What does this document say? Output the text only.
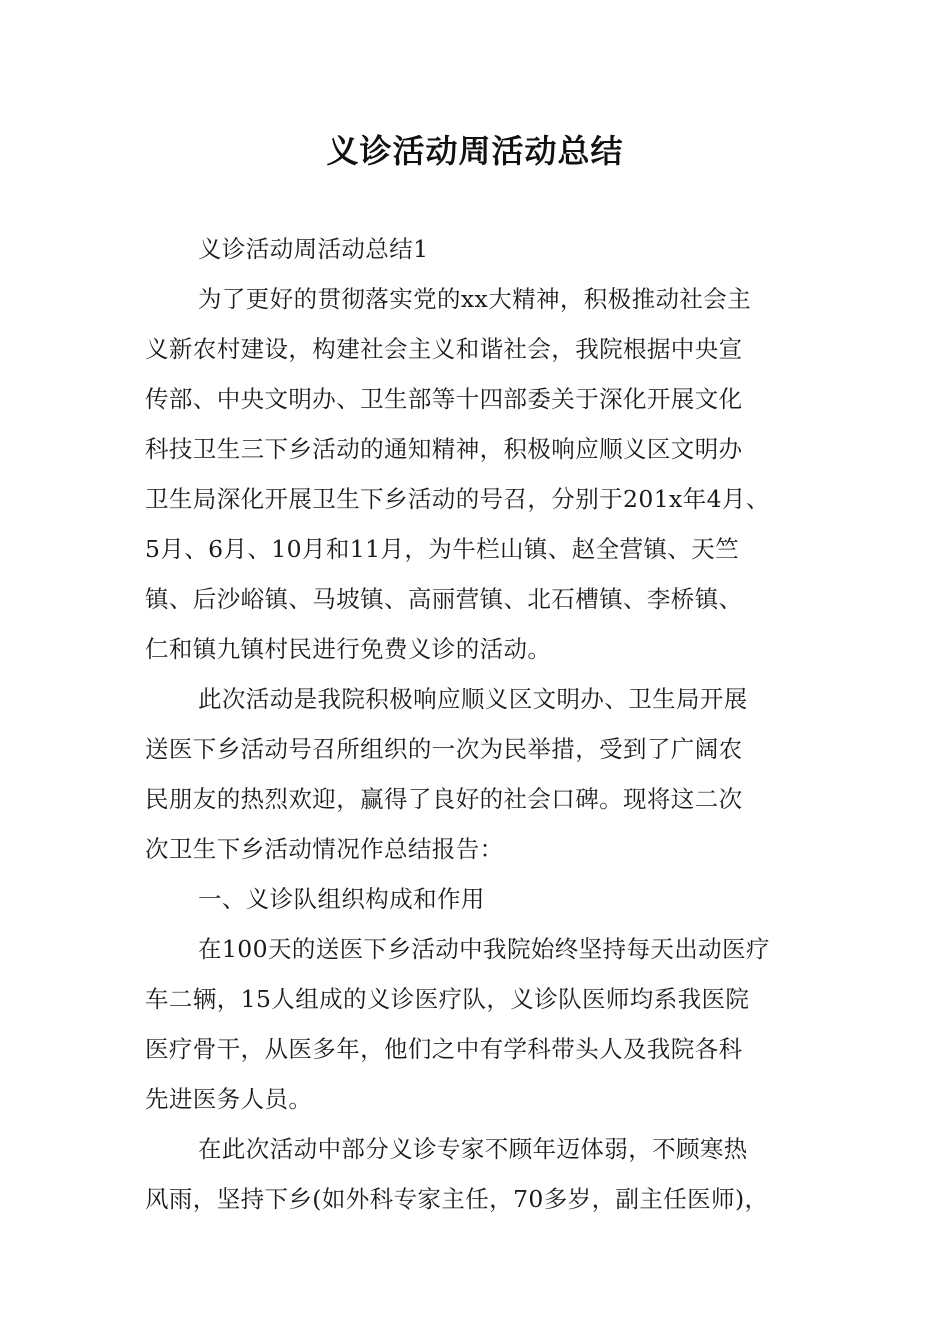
义诊活动周活动总结
义诊活动周活动总结1
为了更好的贯彻落实党的xx大精神，积极推动社会主
义新农村建设，构建社会主义和谐社会，我院根据中央宣
传部、中央文明办、卫生部等十四部委关于深化开展文化
科技卫生三下乡活动的通知精神，积极响应顺义区文明办
卫生局深化开展卫生下乡活动的号召，分别于201x年4月、
5月、6月、10月和11月，为牛栏山镇、赵全营镇、天竺
镇、后沙峪镇、马坡镇、高丽营镇、北石槽镇、李桥镇、
仁和镇九镇村民进行免费义诊的活动。
此次活动是我院积极响应顺义区文明办、卫生局开展
送医下乡活动号召所组织的一次为民举措，受到了广阔农
民朋友的热烈欢迎，赢得了良好的社会口碑。现将这二次
次卫生下乡活动情况作总结报告：
一、义诊队组织构成和作用
在100天的送医下乡活动中我院始终坚持每天出动医疗
车二辆，15人组成的义诊医疗队，义诊队医师均系我医院
医疗骨干，从医多年，他们之中有学科带头人及我院各科
先进医务人员。
在此次活动中部分义诊专家不顾年迈体弱，不顾寒热
风雨，坚持下乡(如外科专家主任，70多岁，副主任医师)，
